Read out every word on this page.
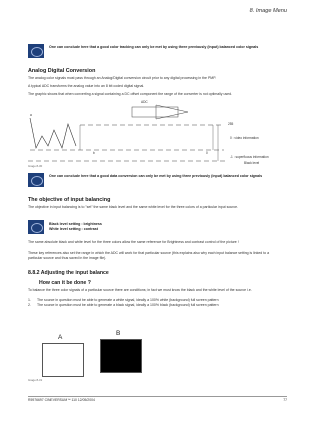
8. Image Menu
One can conclude here that a good color tracking can only be met by using three previously (input) balanced color signals
Analog Digital Conversion
The analog color signals must pass through an Analog/Digital conversion circuit prior to any digital processing in the PMP.
A typical ADC transforms the analog value into an 8 bit coded digital signal.
The graphic shows that when converting a signal containing a DC offset component the range of the converter is not optimally used.
ADC
255
0
a
b
0 : video information
-1 : superfluous information
Black level
Image 8-30
One can conclude here that a good data conversion can only be met by using three previously (input) balanced color signals
The objective of input balancing
The objective in input balancing is to "set" the same black level and the same white level for the three colors of a particular input source.
Black level setting : brightness
White level setting : contrast
The same absolute black and white level for the three colors allow the same reference for Brightness and contrast control of the picture !
These key references also set the range in which the ADC will work for that particular source (this explains also why each input balance setting is linked to a particular source and thus saved in the image file).
8.8.2 Adjusting the input balance
How can it be done ?
To balance the three color signals of a particular source there are conditions; in fact we must know the black and the white level of the source i.e.
1.	The source in question must be able to generate a white signal, ideally a 100% white (background) full screen pattern
2.	The source in question must be able to generate a black signal, ideally a 100% black (background) full screen pattern
A
B
Image 8-31
R5976697 CINEVERSUM™ 110 12/05/2004	77
